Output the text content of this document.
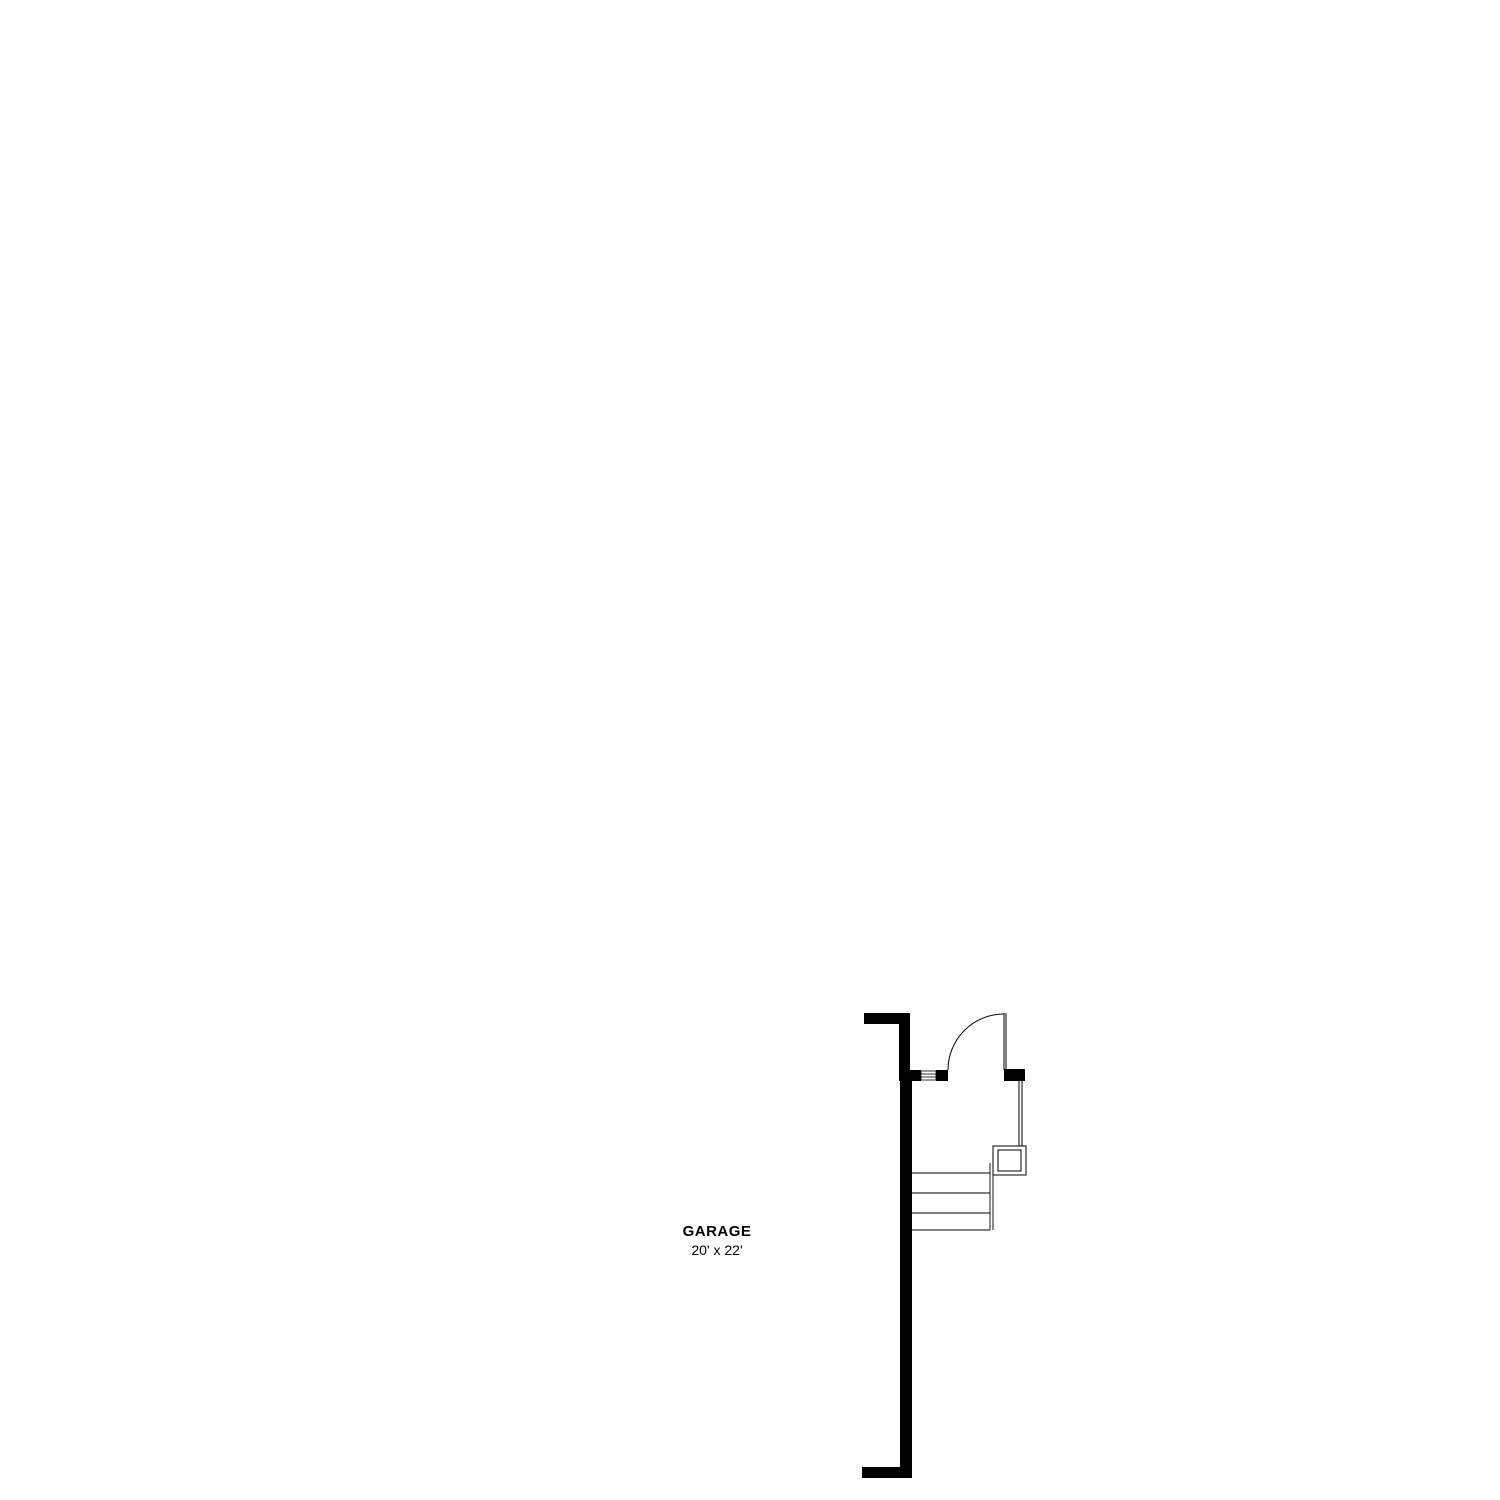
GARAGE
20' x 22'
